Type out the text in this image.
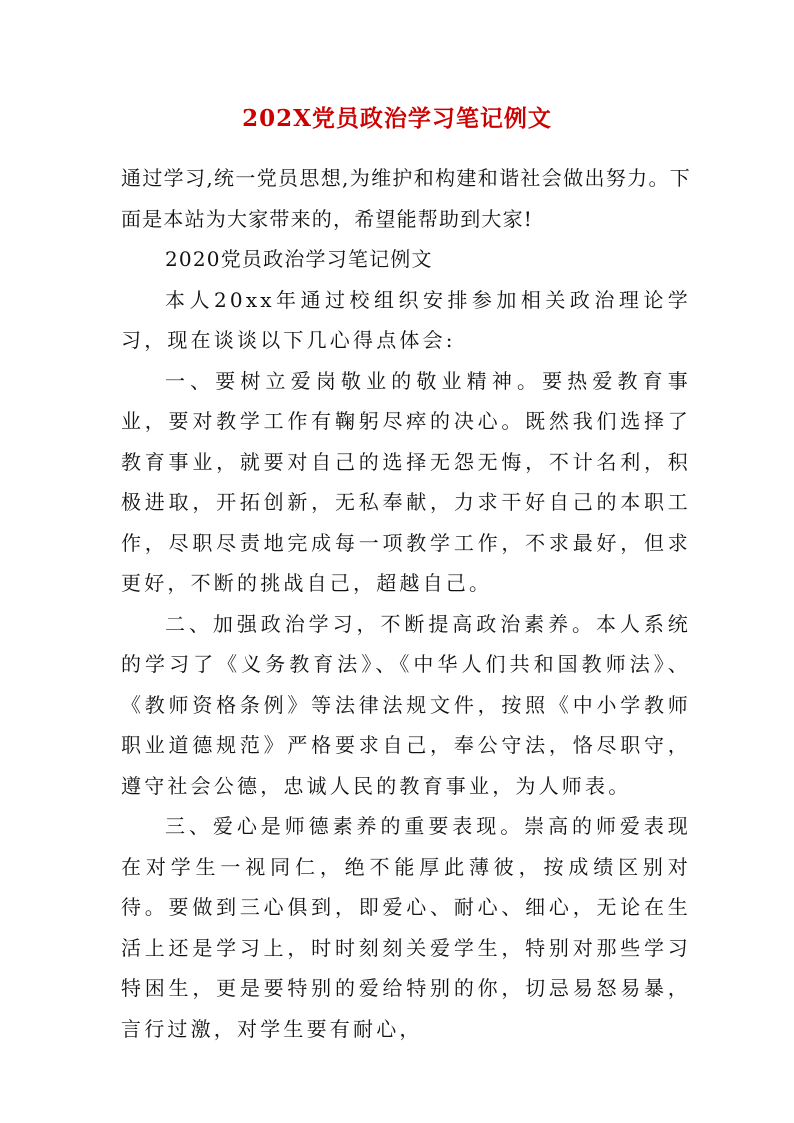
202X党员政治学习笔记例文

通过学习,统一党员思想,为维护和构建和谐社会做出努力。下面是本站为大家带来的，希望能帮助到大家!

2020党员政治学习笔记例文

本人20xx年通过校组织安排参加相关政治理论学习，现在谈谈以下几心得点体会:

一、要树立爱岗敬业的敬业精神。要热爱教育事业，要对教学工作有鞠躬尽瘁的决心。既然我们选择了教育事业，就要对自己的选择无怨无悔，不计名利，积极进取，开拓创新，无私奉献，力求干好自己的本职工作，尽职尽责地完成每一项教学工作，不求最好，但求更好，不断的挑战自己，超越自己。

二、加强政治学习，不断提高政治素养。本人系统的学习了《义务教育法》、《中华人们共和国教师法》、《教师资格条例》等法律法规文件，按照《中小学教师职业道德规范》严格要求自己，奉公守法，恪尽职守，遵守社会公德，忠诚人民的教育事业，为人师表。

三、爱心是师德素养的重要表现。崇高的师爱表现在对学生一视同仁，绝不能厚此薄彼，按成绩区别对待。要做到三心俱到，即爱心、耐心、细心，无论在生活上还是学习上，时时刻刻关爱学生，特别对那些学习特困生，更是要特别的爱给特别的你，切忌易怒易暴，言行过激，对学生要有耐心，
